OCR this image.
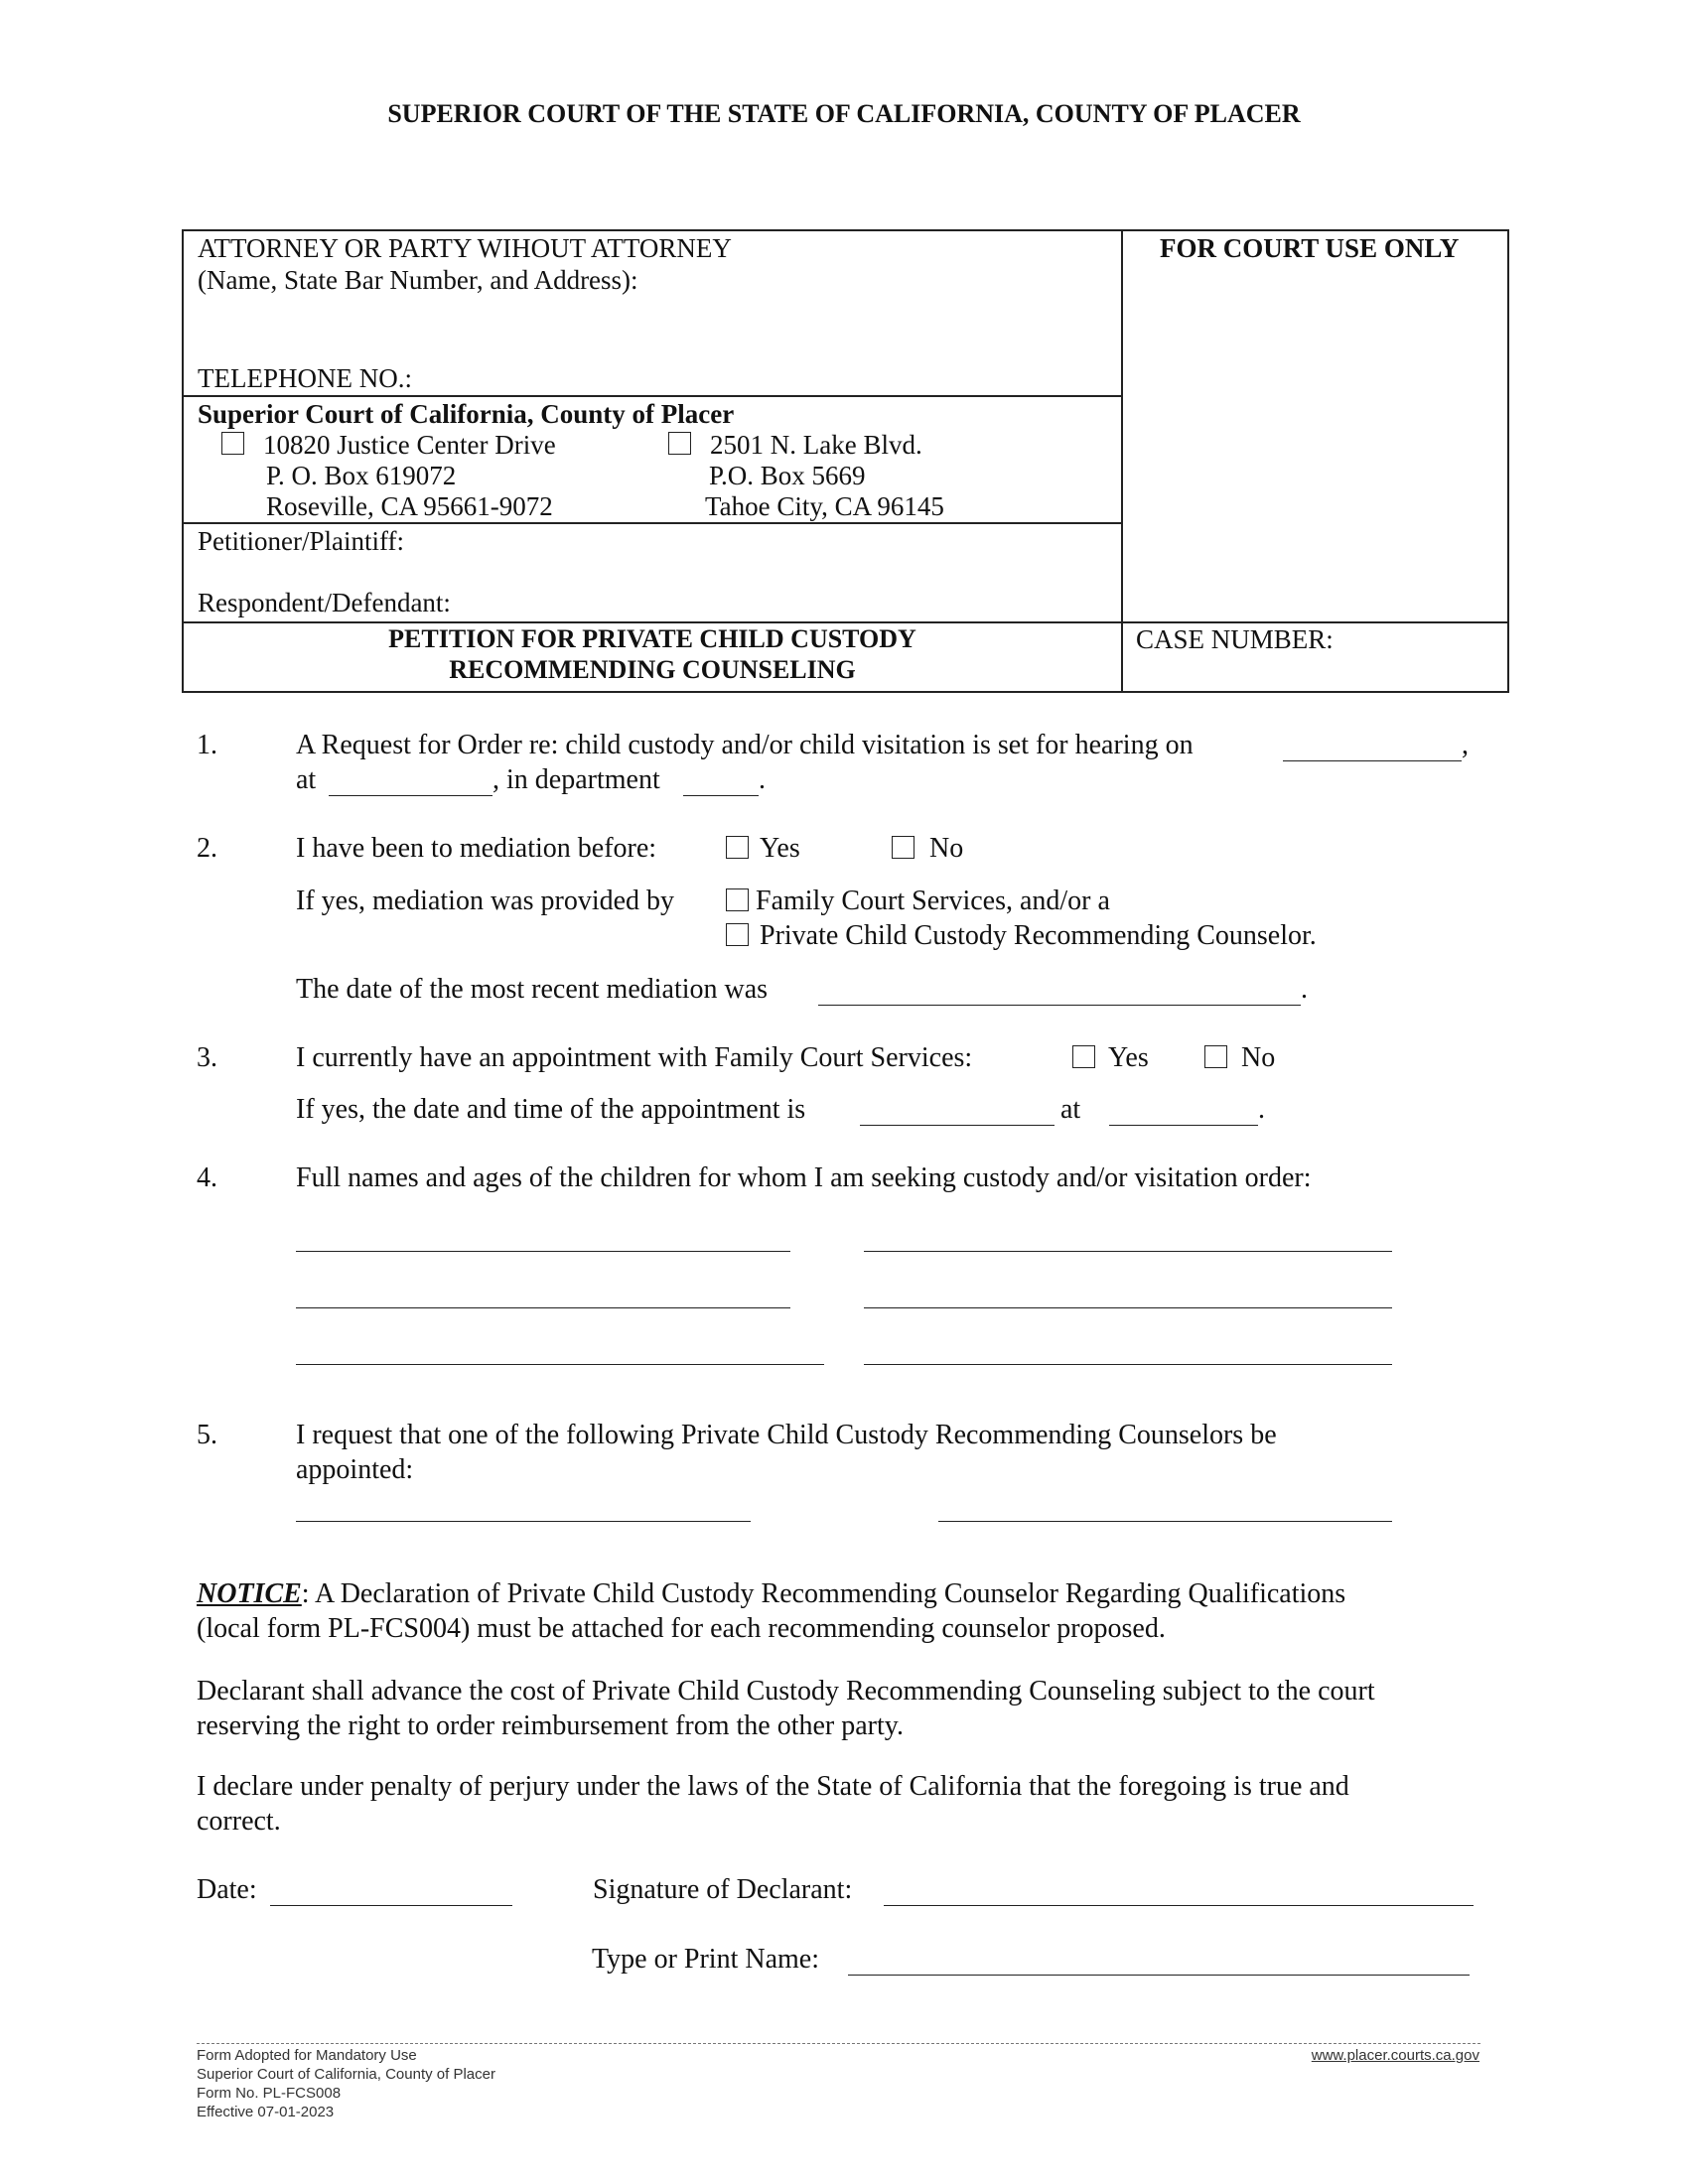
SUPERIOR COURT OF THE STATE OF CALIFORNIA, COUNTY OF PLACER
ATTORNEY OR PARTY WIHOUT ATTORNEY
(Name, State Bar Number, and Address):
TELEPHONE NO.:
FOR COURT USE ONLY
Superior Court of California, County of Placer
10820 Justice Center Drive
P. O. Box 619072
Roseville, CA 95661-9072
2501 N. Lake Blvd.
P.O. Box 5669
Tahoe City, CA 96145
Petitioner/Plaintiff:
Respondent/Defendant:
PETITION FOR PRIVATE CHILD CUSTODY
RECOMMENDING COUNSELING
CASE NUMBER:
1.	A Request for Order re: child custody and/or child visitation is set for hearing on	,
at	, in department	.
2.	I have been to mediation before:	Yes	No
If yes, mediation was provided by	Family Court Services, and/or a
Private Child Custody Recommending Counselor.
The date of the most recent mediation was	.
3.	I currently have an appointment with Family Court Services:	Yes	No
If yes, the date and time of the appointment is	at	.
4.	Full names and ages of the children for whom I am seeking custody and/or visitation order:
5.	I request that one of the following Private Child Custody Recommending Counselors be
appointed:
NOTICE: A Declaration of Private Child Custody Recommending Counselor Regarding Qualifications
(local form PL-FCS004) must be attached for each recommending counselor proposed.
Declarant shall advance the cost of Private Child Custody Recommending Counseling subject to the court
reserving the right to order reimbursement from the other party.
I declare under penalty of perjury under the laws of the State of California that the foregoing is true and
correct.
Date:	Signature of Declarant:
Type or Print Name:
Form Adopted for Mandatory Use
Superior Court of California, County of Placer
Form No. PL-FCS008
Effective 07-01-2023
www.placer.courts.ca.gov
